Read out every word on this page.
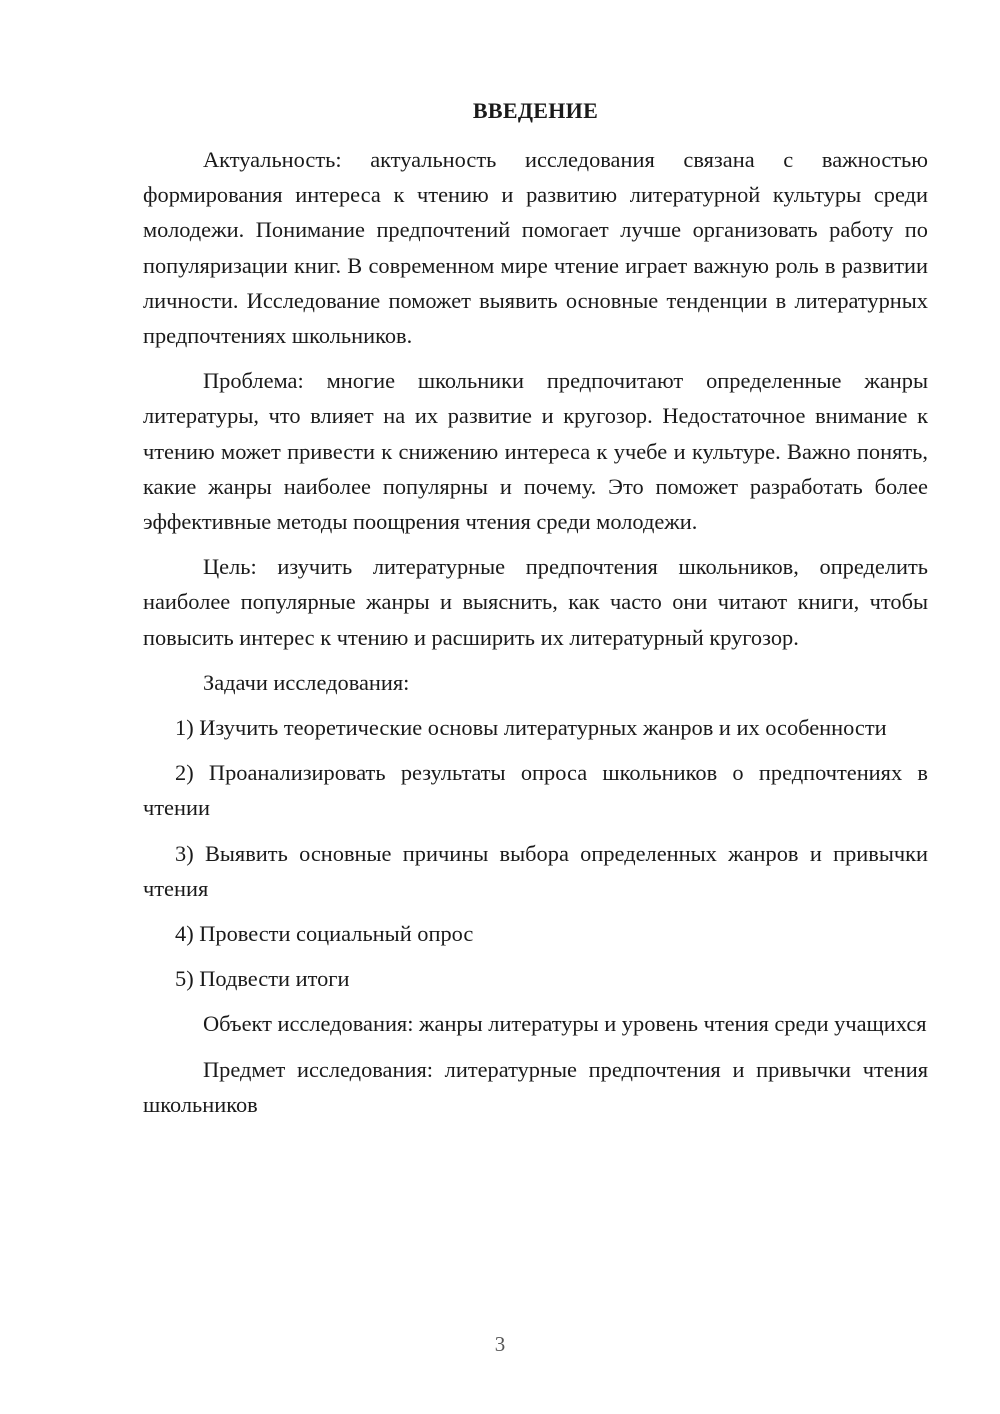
ВВЕДЕНИЕ

Актуальность: актуальность исследования связана с важностью формирования интереса к чтению и развитию литературной культуры среди молодежи. Понимание предпочтений помогает лучше организовать работу по популяризации книг. В современном мире чтение играет важную роль в развитии личности. Исследование поможет выявить основные тенденции в литературных предпочтениях школьников.

Проблема: многие школьники предпочитают определенные жанры литературы, что влияет на их развитие и кругозор. Недостаточное внимание к чтению может привести к снижению интереса к учебе и культуре. Важно понять, какие жанры наиболее популярны и почему. Это поможет разработать более эффективные методы поощрения чтения среди молодежи.

Цель: изучить литературные предпочтения школьников, определить наиболее популярные жанры и выяснить, как часто они читают книги, чтобы повысить интерес к чтению и расширить их литературный кругозор.

Задачи исследования:

1) Изучить теоретические основы литературных жанров и их особенности

2) Проанализировать результаты опроса школьников о предпочтениях в чтении

3) Выявить основные причины выбора определенных жанров и привычки чтения

4) Провести социальный опрос

5) Подвести итоги

Объект исследования: жанры литературы и уровень чтения среди учащихся

Предмет исследования: литературные предпочтения и привычки чтения школьников

3
